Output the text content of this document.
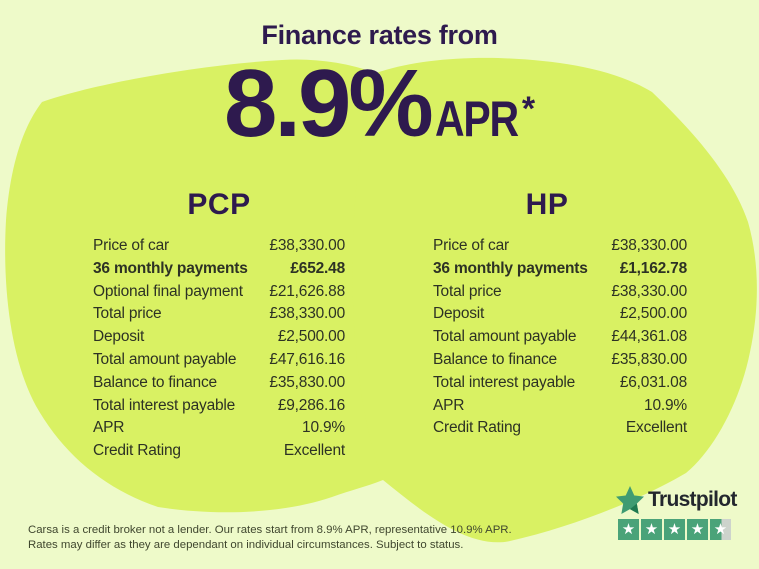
Finance rates from
8.9% APR *
PCP
Price of car	£38,330.00
36 monthly payments	£652.48
Optional final payment £21,626.88
Total price	£38,330.00
Deposit	£2,500.00
Total amount payable £47,616.16
Balance to finance	£35,830.00
Total interest payable	£9,286.16
APR	10.9%
Credit Rating	Excellent
HP
Price of car	£38,330.00
36 monthly payments £1,162.78
Total price	£38,330.00
Deposit	£2,500.00
Total amount payable £44,361.08
Balance to finance	£35,830.00
Total interest payable	£6,031.08
APR	10.9%
Credit Rating	Excellent
Carsa is a credit broker not a lender. Our rates start from 8.9% APR, representative 10.9% APR.
Rates may differ as they are dependant on individual circumstances. Subject to status.
Trustpilot
★ ★ ★ ★ ★
